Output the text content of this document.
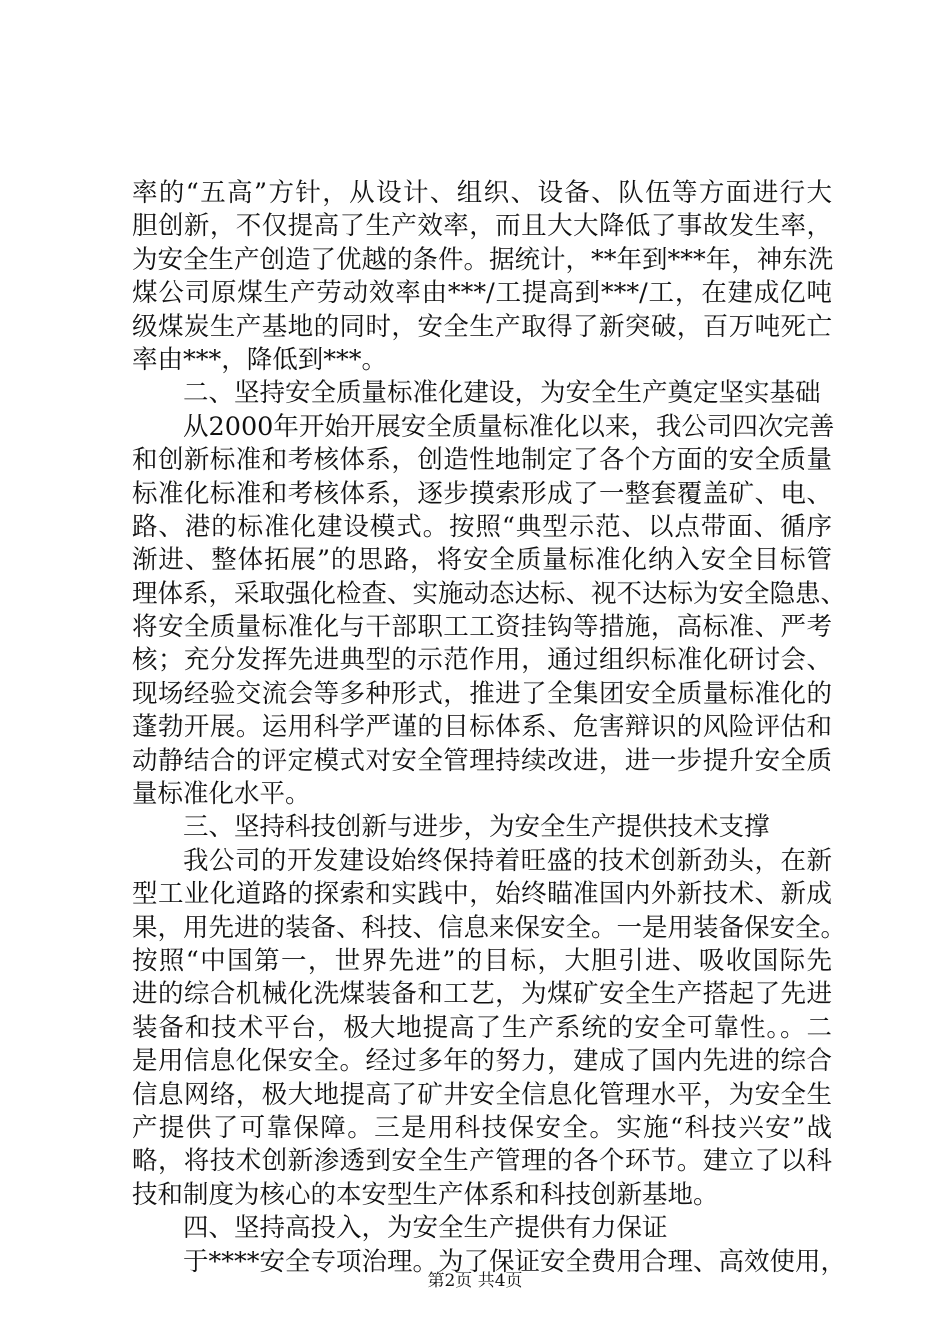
率的“五高”方针，从设计、组织、设备、队伍等方面进行大
胆创新，不仅提高了生产效率，而且大大降低了事故发生率，
为安全生产创造了优越的条件。据统计，**年到***年，神东洗
煤公司原煤生产劳动效率由***/工提高到***/工，在建成亿吨
级煤炭生产基地的同时，安全生产取得了新突破，百万吨死亡
率由***，降低到***。
二、坚持安全质量标准化建设，为安全生产奠定坚实基础
从2000年开始开展安全质量标准化以来，我公司四次完善
和创新标准和考核体系，创造性地制定了各个方面的安全质量
标准化标准和考核体系，逐步摸索形成了一整套覆盖矿、电、
路、港的标准化建设模式。按照“典型示范、以点带面、循序
渐进、整体拓展”的思路，将安全质量标准化纳入安全目标管
理体系，采取强化检查、实施动态达标、视不达标为安全隐患、
将安全质量标准化与干部职工工资挂钩等措施，高标准、严考
核；充分发挥先进典型的示范作用，通过组织标准化研讨会、
现场经验交流会等多种形式，推进了全集团安全质量标准化的
蓬勃开展。运用科学严谨的目标体系、危害辩识的风险评估和
动静结合的评定模式对安全管理持续改进，进一步提升安全质
量标准化水平。
三、坚持科技创新与进步，为安全生产提供技术支撑
我公司的开发建设始终保持着旺盛的技术创新劲头，在新
型工业化道路的探索和实践中，始终瞄准国内外新技术、新成
果，用先进的装备、科技、信息来保安全。一是用装备保安全。
按照“中国第一，世界先进”的目标，大胆引进、吸收国际先
进的综合机械化洗煤装备和工艺，为煤矿安全生产搭起了先进
装备和技术平台，极大地提高了生产系统的安全可靠性。。二
是用信息化保安全。经过多年的努力，建成了国内先进的综合
信息网络，极大地提高了矿井安全信息化管理水平，为安全生
产提供了可靠保障。三是用科技保安全。实施“科技兴安”战
略，将技术创新渗透到安全生产管理的各个环节。建立了以科
技和制度为核心的本安型生产体系和科技创新基地。
四、坚持高投入，为安全生产提供有力保证
于****安全专项治理。为了保证安全费用合理、高效使用，
第2页 共4页
